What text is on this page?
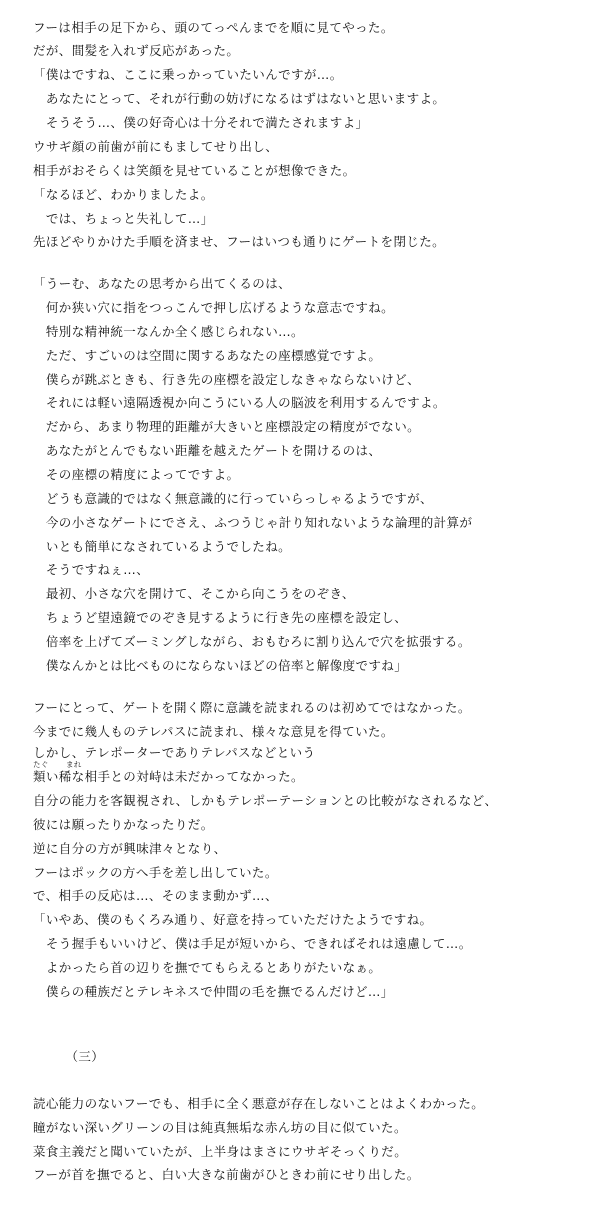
フーは相手の足下から、頭のてっぺんまでを順に見てやった。
だが、間髪を入れず反応があった。
「僕はですね、ここに乗っかっていたいんですが…。
　あなたにとって、それが行動の妨げになるはずはないと思いますよ。
　そうそう…、僕の好奇心は十分それで満たされますよ」
ウサギ顔の前歯が前にもましてせり出し、
相手がおそらくは笑顔を見せていることが想像できた。
「なるほど、わかりましたよ。
　では、ちょっと失礼して…」
先ほどやりかけた手順を済ませ、フーはいつも通りにゲートを閉じた。
「うーむ、あなたの思考から出てくるのは、
　何か狭い穴に指をつっこんで押し広げるような意志ですね。
　特別な精神統一なんか全く感じられない…。
　ただ、すごいのは空間に関するあなたの座標感覚ですよ。
　僕らが跳ぶときも、行き先の座標を設定しなきゃならないけど、
　それには軽い遠隔透視か向こうにいる人の脳波を利用するんですよ。
　だから、あまり物理的距離が大きいと座標設定の精度がでない。
　あなたがとんでもない距離を越えたゲートを開けるのは、
　その座標の精度によってですよ。
　どうも意識的ではなく無意識的に行っていらっしゃるようですが、
　今の小さなゲートにでさえ、ふつうじゃ計り知れないような論理的計算が
　いとも簡単になされているようでしたね。
　そうですねぇ…、
　最初、小さな穴を開けて、そこから向こうをのぞき、
　ちょうど望遠鏡でのぞき見するように行き先の座標を設定し、
　倍率を上げてズーミングしながら、おもむろに割り込んで穴を拡張する。
　僕なんかとは比べものにならないほどの倍率と解像度ですね」
フーにとって、ゲートを開く際に意識を読まれるのは初めてではなかった。
今までに幾人ものテレパスに読まれ、様々な意見を得ていた。
しかし、テレポーターでありテレパスなどという
たぐ まれ
類い稀な相手との対峙は未だかってなかった。
自分の能力を客観視され、しかもテレポーテーションとの比較がなされるなど、
彼には願ったりかなったりだ。
逆に自分の方が興味津々となり、
フーはポックの方へ手を差し出していた。
で、相手の反応は…、そのまま動かず…、
「いやあ、僕のもくろみ通り、好意を持っていただけたようですね。
　そう握手もいいけど、僕は手足が短いから、できればそれは遠慮して…。
　よかったら首の辺りを撫でてもらえるとありがたいなぁ。
　僕らの種族だとテレキネスで仲間の毛を撫でるんだけど…」
　　　（三）
読心能力のないフーでも、相手に全く悪意が存在しないことはよくわかった。
瞳がない深いグリーンの目は純真無垢な赤ん坊の目に似ていた。
菜食主義だと聞いていたが、上半身はまさにウサギそっくりだ。
フーが首を撫でると、白い大きな前歯がひときわ前にせり出した。
